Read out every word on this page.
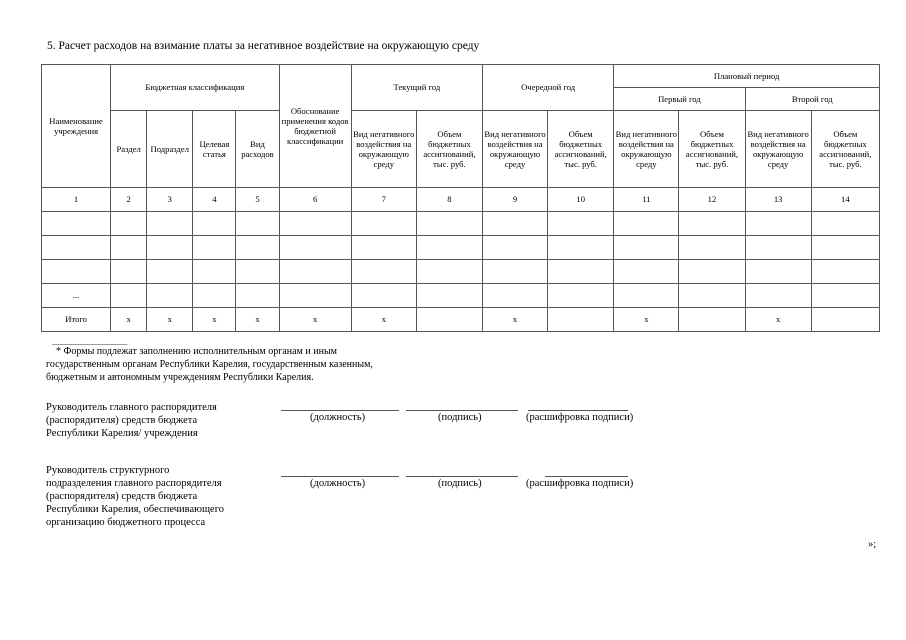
5. Расчет расходов на взимание платы за негативное воздействие на окружающую среду
Наименование учреждения	Бюджетная классификация				Обоснование применения кодов бюджетной классификации	Текущий год		Очередной год		Плановый период			
										Первый год		Второй год	
	Раздел	Подраздел	Целевая статья	Вид расходов		Вид негативного воздействия на окружающую среду	Объем бюджетных ассигнований, тыс. руб.	Вид негативного воздействия на окружающую среду	Объем бюджетных ассигнований, тыс. руб.	Вид негативного воздействия на окружающую среду	Объем бюджетных ассигнований, тыс. руб.	Вид негативного воздействия на окружающую среду	Объем бюджетных ассигнований, тыс. руб.
1	2	3	4	5	6	7	8	9	10	11	12	13	14

...													
Итого	x	x	x	x	x	x		x		x		x	
-----------------------------------------
* Формы подлежат заполнению исполнительным органам и иным
государственным органам Республики Карелия, государственным казенным,
бюджетным и автономным учреждениям Республики Карелия.
Руководитель главного распорядителя
(распорядителя) средств бюджета
Республики Карелия/ учреждения
(должность)	(подпись)	(расшифровка подписи)
Руководитель структурного
подразделения главного распорядителя
(распорядителя) средств бюджета
Республики Карелия, обеспечивающего
организацию бюджетного процесса
(должность)	(подпись)	(расшифровка подписи)
»;
